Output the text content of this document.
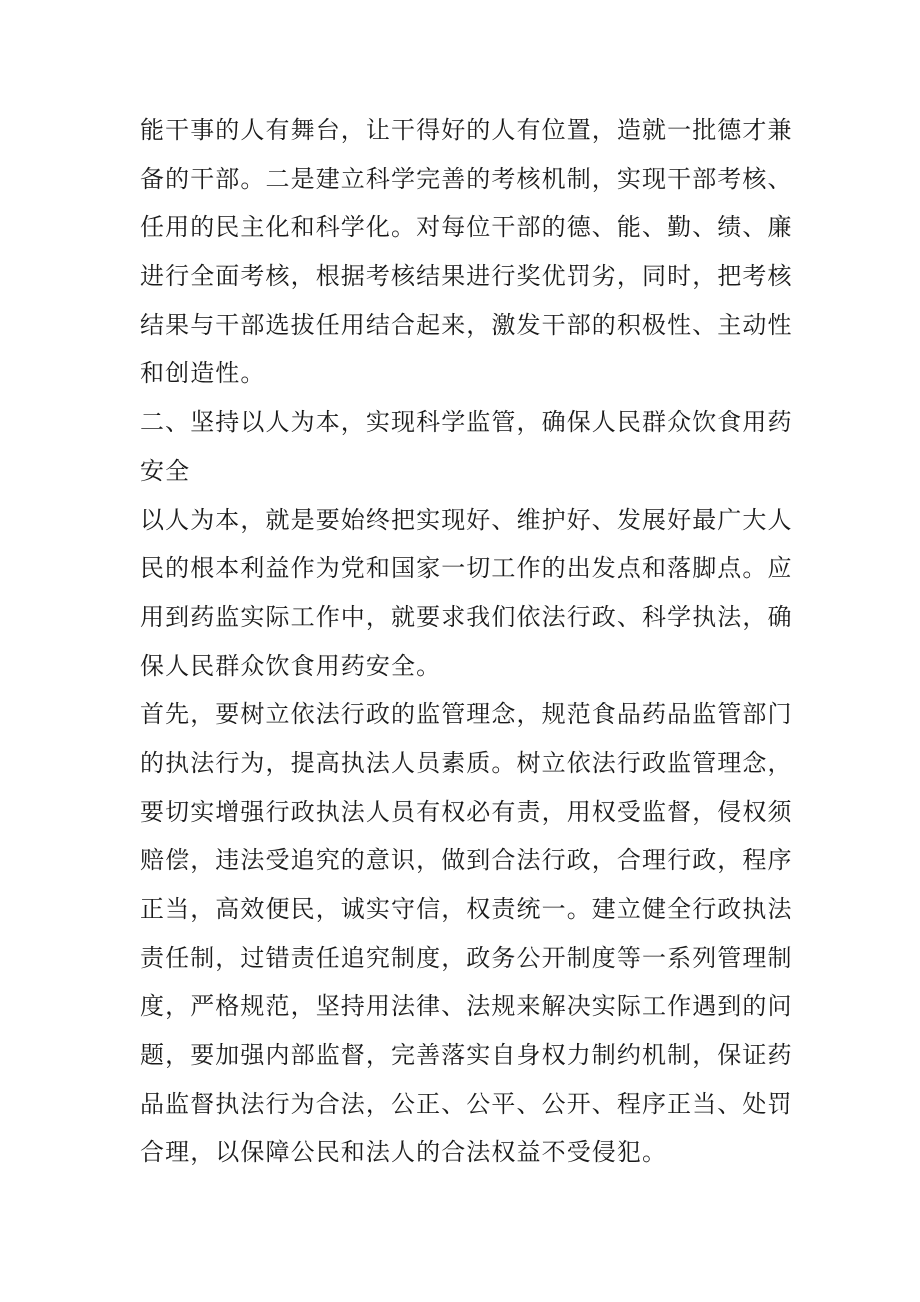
能干事的人有舞台，让干得好的人有位置，造就一批德才兼
备的干部。二是建立科学完善的考核机制，实现干部考核、
任用的民主化和科学化。对每位干部的德、能、勤、绩、廉
进行全面考核，根据考核结果进行奖优罚劣，同时，把考核
结果与干部选拔任用结合起来，激发干部的积极性、主动性
和创造性。
二、坚持以人为本，实现科学监管，确保人民群众饮食用药
安全
以人为本，就是要始终把实现好、维护好、发展好最广大人
民的根本利益作为党和国家一切工作的出发点和落脚点。应
用到药监实际工作中，就要求我们依法行政、科学执法，确
保人民群众饮食用药安全。
首先，要树立依法行政的监管理念，规范食品药品监管部门
的执法行为，提高执法人员素质。树立依法行政监管理念，
要切实增强行政执法人员有权必有责，用权受监督，侵权须
赔偿，违法受追究的意识，做到合法行政，合理行政，程序
正当，高效便民，诚实守信，权责统一。建立健全行政执法
责任制，过错责任追究制度，政务公开制度等一系列管理制
度，严格规范，坚持用法律、法规来解决实际工作遇到的问
题，要加强内部监督，完善落实自身权力制约机制，保证药
品监督执法行为合法，公正、公平、公开、程序正当、处罚
合理，以保障公民和法人的合法权益不受侵犯。
